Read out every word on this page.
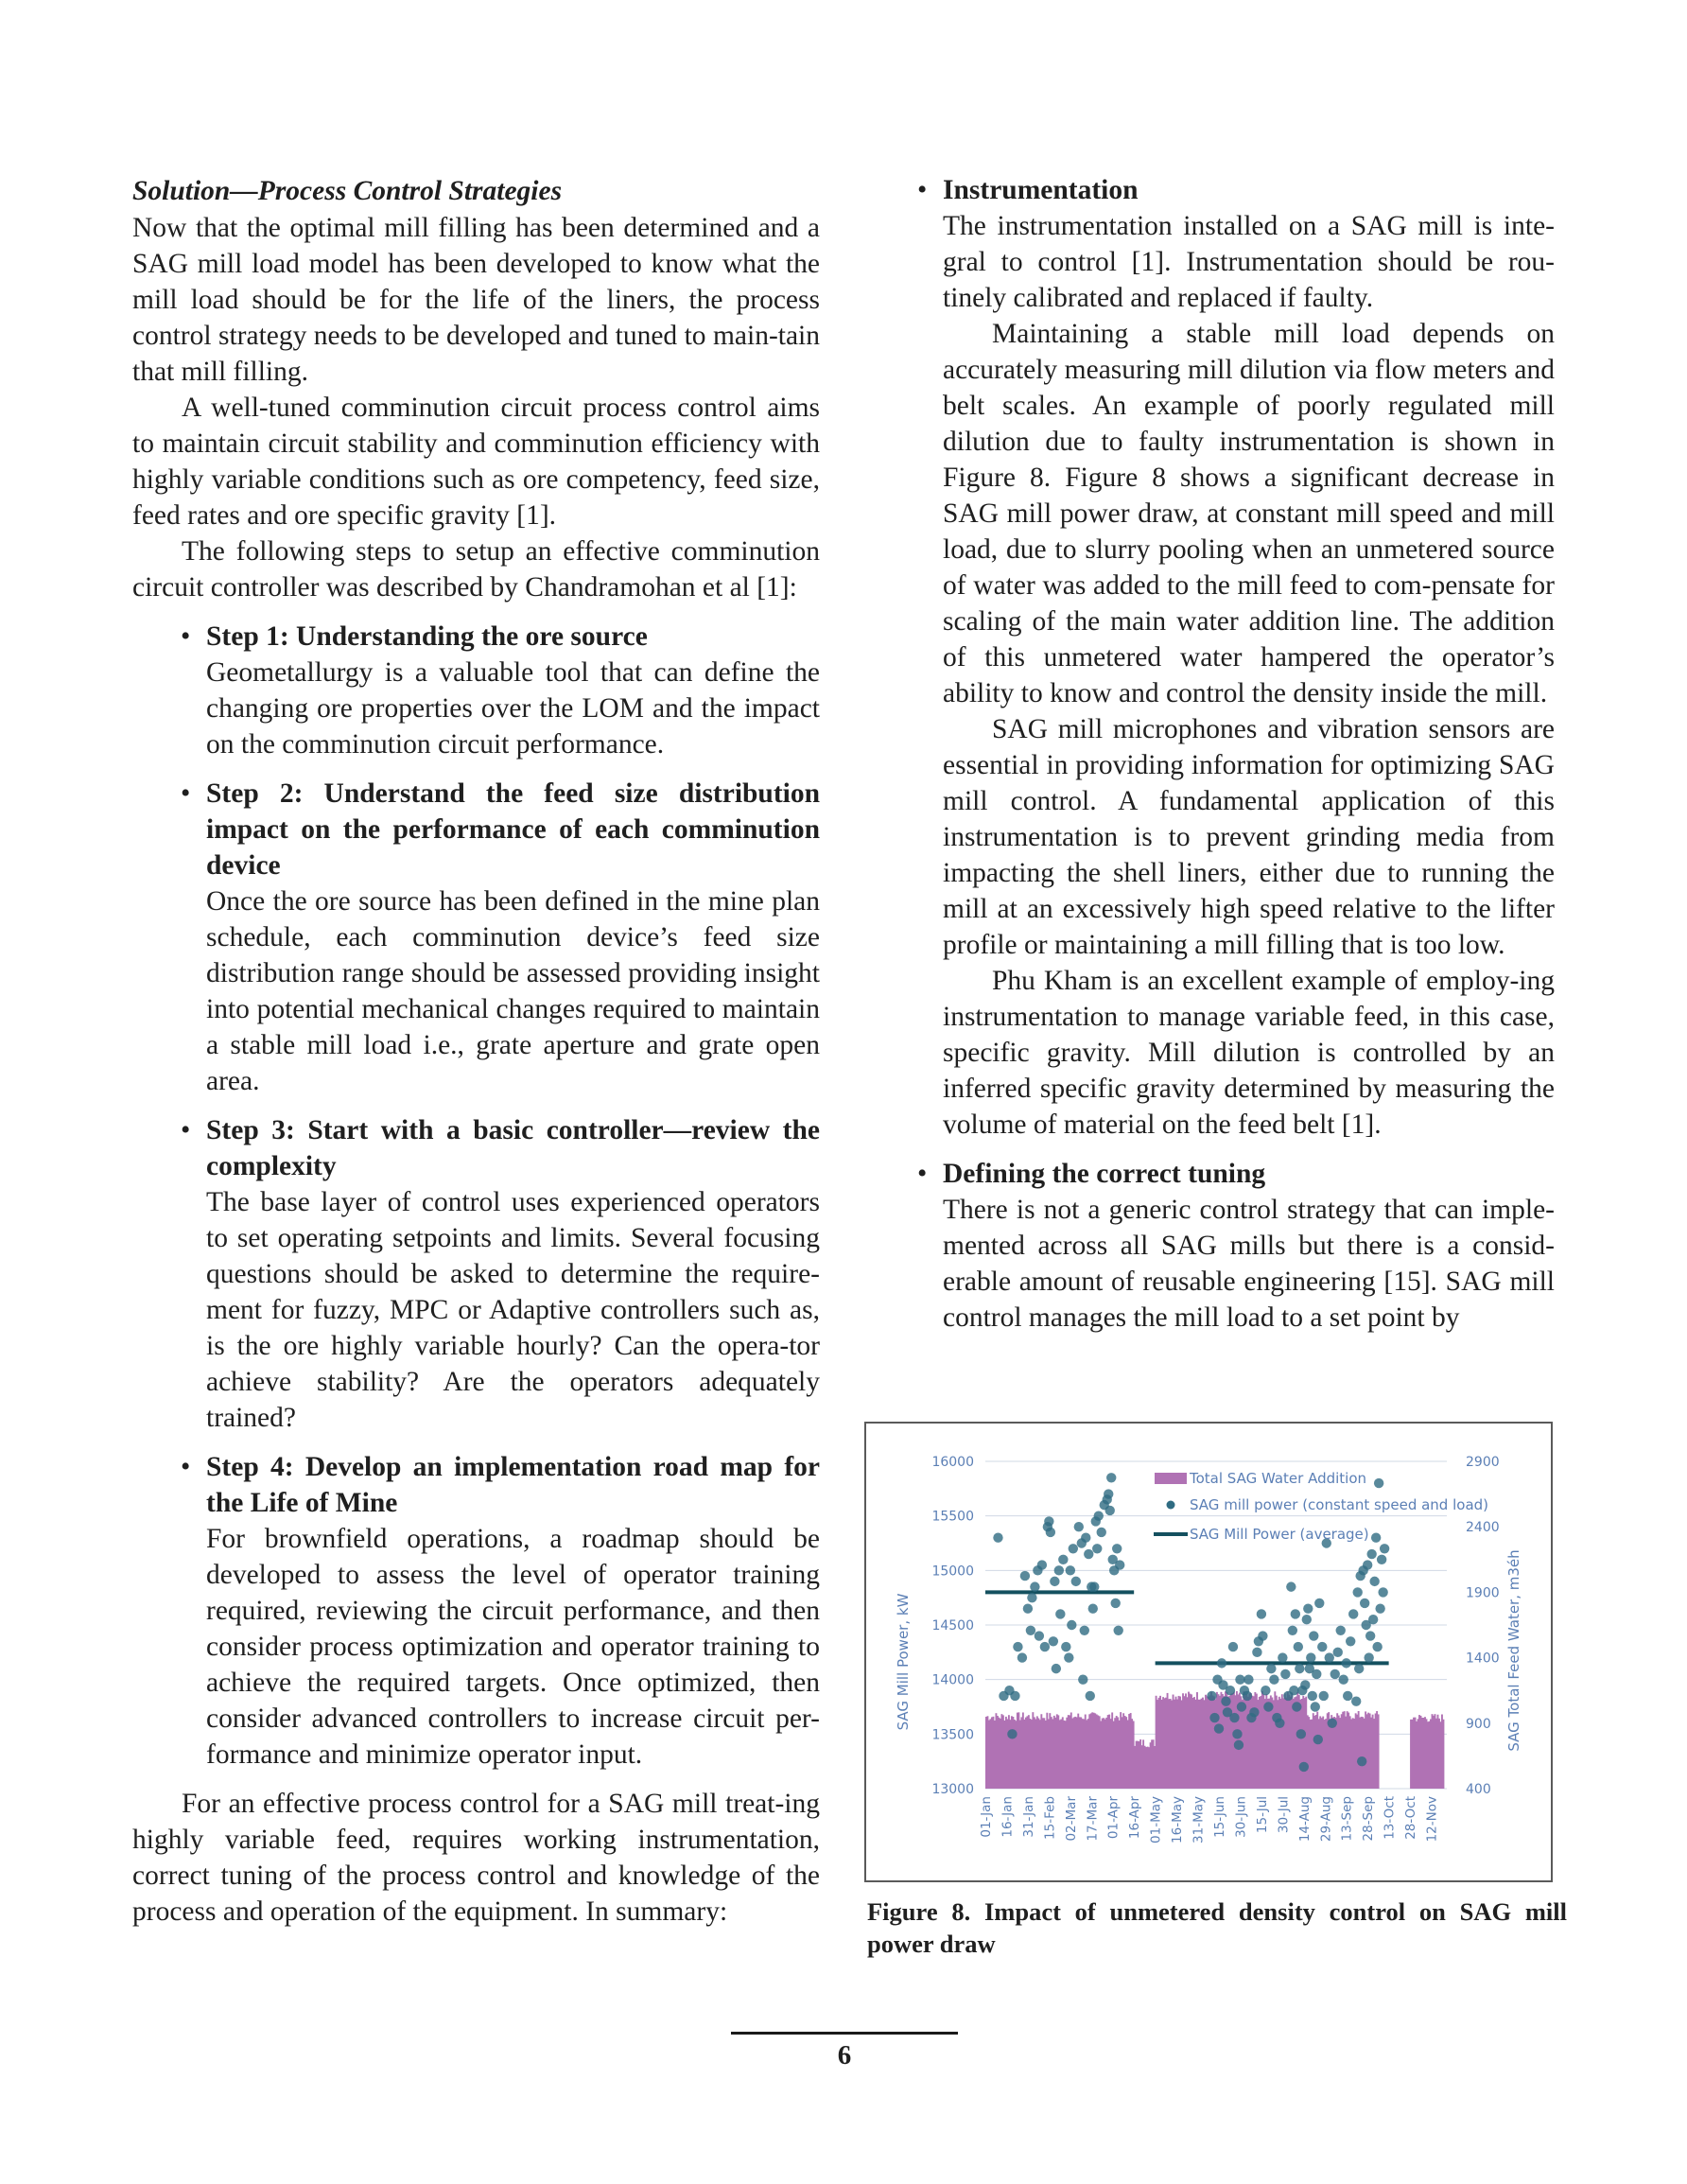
Solution—Process Control Strategies

Now that the optimal mill filling has been determined and a SAG mill load model has been developed to know what the mill load should be for the life of the liners, the process control strategy needs to be developed and tuned to main-tain that mill filling.

A well-tuned comminution circuit process control aims to maintain circuit stability and comminution efficiency with highly variable conditions such as ore competency, feed size, feed rates and ore specific gravity [1].

The following steps to setup an effective comminution circuit controller was described by Chandramohan et al [1]:

• Step 1: Understanding the ore source

Geometallurgy is a valuable tool that can define the changing ore properties over the LOM and the impact on the comminution circuit performance.

• Step 2: Understand the feed size distribution impact on the performance of each comminution device

Once the ore source has been defined in the mine plan schedule, each comminution device’s feed size distribution range should be assessed providing insight into potential mechanical changes required to maintain a stable mill load i.e., grate aperture and grate open area.

• Step 3: Start with a basic controller—review the complexity

The base layer of control uses experienced operators to set operating setpoints and limits. Several focusing questions should be asked to determine the require-ment for fuzzy, MPC or Adaptive controllers such as, is the ore highly variable hourly? Can the opera-tor achieve stability? Are the operators adequately trained?

• Step 4: Develop an implementation road map for the Life of Mine

For brownfield operations, a roadmap should be developed to assess the level of operator training required, reviewing the circuit performance, and then consider process optimization and operator training to achieve the required targets. Once optimized, then consider advanced controllers to increase circuit per-formance and minimize operator input.

For an effective process control for a SAG mill treat-ing highly variable feed, requires working instrumentation, correct tuning of the process control and knowledge of the process and operation of the equipment. In summary:

• Instrumentation

The instrumentation installed on a SAG mill is inte-gral to control [1]. Instrumentation should be rou-tinely calibrated and replaced if faulty.

Maintaining a stable mill load depends on accurately measuring mill dilution via flow meters and belt scales. An example of poorly regulated mill dilution due to faulty instrumentation is shown in Figure 8. Figure 8 shows a significant decrease in SAG mill power draw, at constant mill speed and mill load, due to slurry pooling when an unmetered source of water was added to the mill feed to com-pensate for scaling of the main water addition line. The addition of this unmetered water hampered the operator’s ability to know and control the density inside the mill.

SAG mill microphones and vibration sensors are essential in providing information for optimizing SAG mill control. A fundamental application of this instrumentation is to prevent grinding media from impacting the shell liners, either due to running the mill at an excessively high speed relative to the lifter profile or maintaining a mill filling that is too low.

Phu Kham is an excellent example of employ-ing instrumentation to manage variable feed, in this case, specific gravity. Mill dilution is controlled by an inferred specific gravity determined by measuring the volume of material on the feed belt [1].

• Defining the correct tuning

There is not a generic control strategy that can imple-mented across all SAG mills but there is a consid-erable amount of reusable engineering [15]. SAG mill control manages the mill load to a set point by

16000
15500
15000
14500
14000
13500
13000
2900
2400
1900
1400
900
400
01-Jan 16-Jan 31-Jan 15-Feb 02-Mar 17-Mar 01-Apr 16-Apr 01-May 16-May 31-May 15-Jun 30-Jun 15-Jul 30-Jul 14-Aug 29-Aug 13-Sep 28-Sep 13-Oct 28-Oct 12-Nov
SAG Mill Power, kW	SAG Total Feed Water, m3éh
Total SAG Water Addition
SAG mill power (constant speed and load)
SAG Mill Power (average)

Figure 8. Impact of unmetered density control on SAG mill power draw

6
